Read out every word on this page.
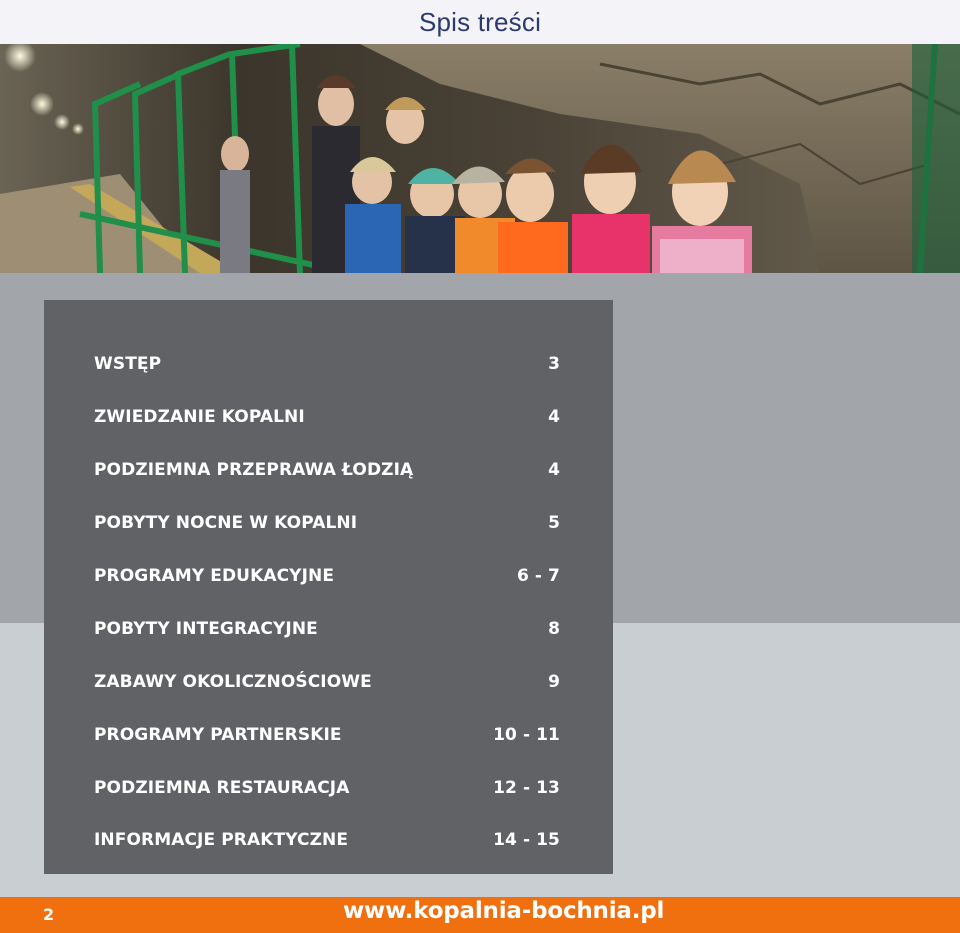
Spis treści
WSTĘP	3
ZWIEDZANIE KOPALNI	4
PODZIEMNA PRZEPRAWA ŁODZIĄ	4
POBYTY NOCNE W KOPALNI	5
PROGRAMY EDUKACYJNE	6 - 7
POBYTY INTEGRACYJNE	8
ZABAWY OKOLICZNOŚCIOWE	9
PROGRAMY PARTNERSKIE	10 - 11
PODZIEMNA RESTAURACJA	12 - 13
INFORMACJE PRAKTYCZNE	14 - 15
2	www.kopalnia-bochnia.pl
